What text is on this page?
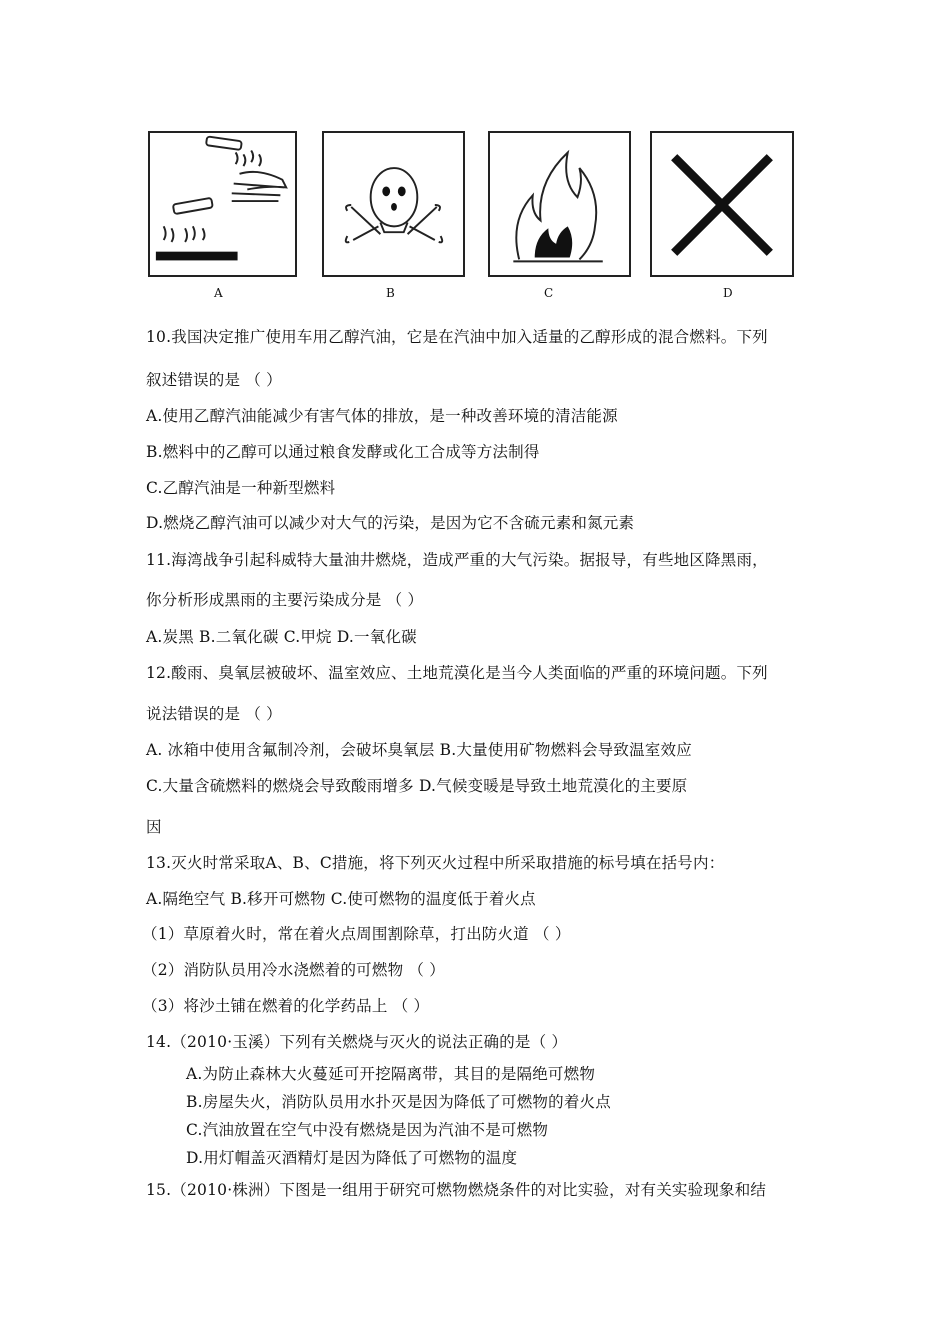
A	B	C	D
10.我国决定推广使用车用乙醇汽油，它是在汽油中加入适量的乙醇形成的混合燃料。下列
叙述错误的是 （ ）
A.使用乙醇汽油能减少有害气体的排放，是一种改善环境的清洁能源
B.燃料中的乙醇可以通过粮食发酵或化工合成等方法制得
C.乙醇汽油是一种新型燃料
D.燃烧乙醇汽油可以减少对大气的污染，是因为它不含硫元素和氮元素
11.海湾战争引起科威特大量油井燃烧，造成严重的大气污染。据报导，有些地区降黑雨，
你分析形成黑雨的主要污染成分是 （ ）
A.炭黑 B.二氧化碳 C.甲烷 D.一氧化碳
12.酸雨、臭氧层被破坏、温室效应、土地荒漠化是当今人类面临的严重的环境问题。下列
说法错误的是 （ ）
A. 冰箱中使用含氟制冷剂，会破坏臭氧层 B.大量使用矿物燃料会导致温室效应
C.大量含硫燃料的燃烧会导致酸雨增多 D.气候变暖是导致土地荒漠化的主要原
因
13.灭火时常采取A、B、C措施，将下列灭火过程中所采取措施的标号填在括号内：
A.隔绝空气 B.移开可燃物 C.使可燃物的温度低于着火点
（1）草原着火时，常在着火点周围割除草，打出防火道 （ ）
（2）消防队员用冷水浇燃着的可燃物 （ ）
（3）将沙土铺在燃着的化学药品上 （ ）
14.（2010·玉溪）下列有关燃烧与灭火的说法正确的是（ ）
A.为防止森林大火蔓延可开挖隔离带，其目的是隔绝可燃物
B.房屋失火，消防队员用水扑灭是因为降低了可燃物的着火点
C.汽油放置在空气中没有燃烧是因为汽油不是可燃物
D.用灯帽盖灭酒精灯是因为降低了可燃物的温度
15.（2010·株洲）下图是一组用于研究可燃物燃烧条件的对比实验，对有关实验现象和结
